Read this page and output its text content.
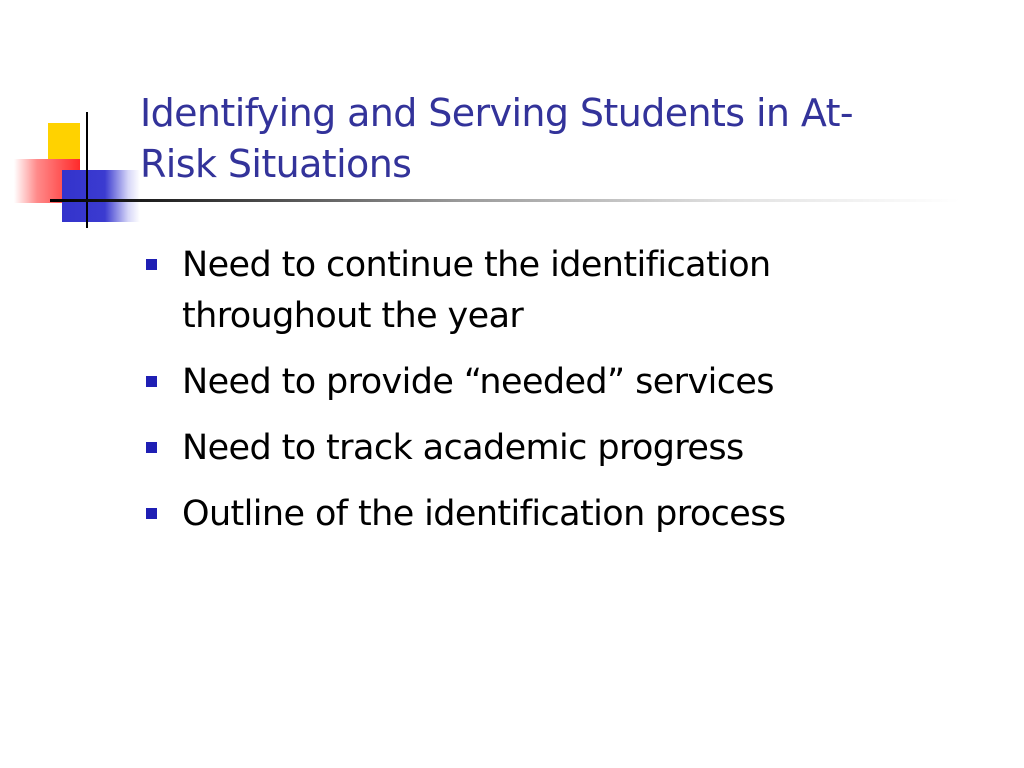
Identifying and Serving Students in At-
Risk Situations
Need to continue the identification throughout the year
Need to provide “needed” services
Need to track academic progress
Outline of the identification process
